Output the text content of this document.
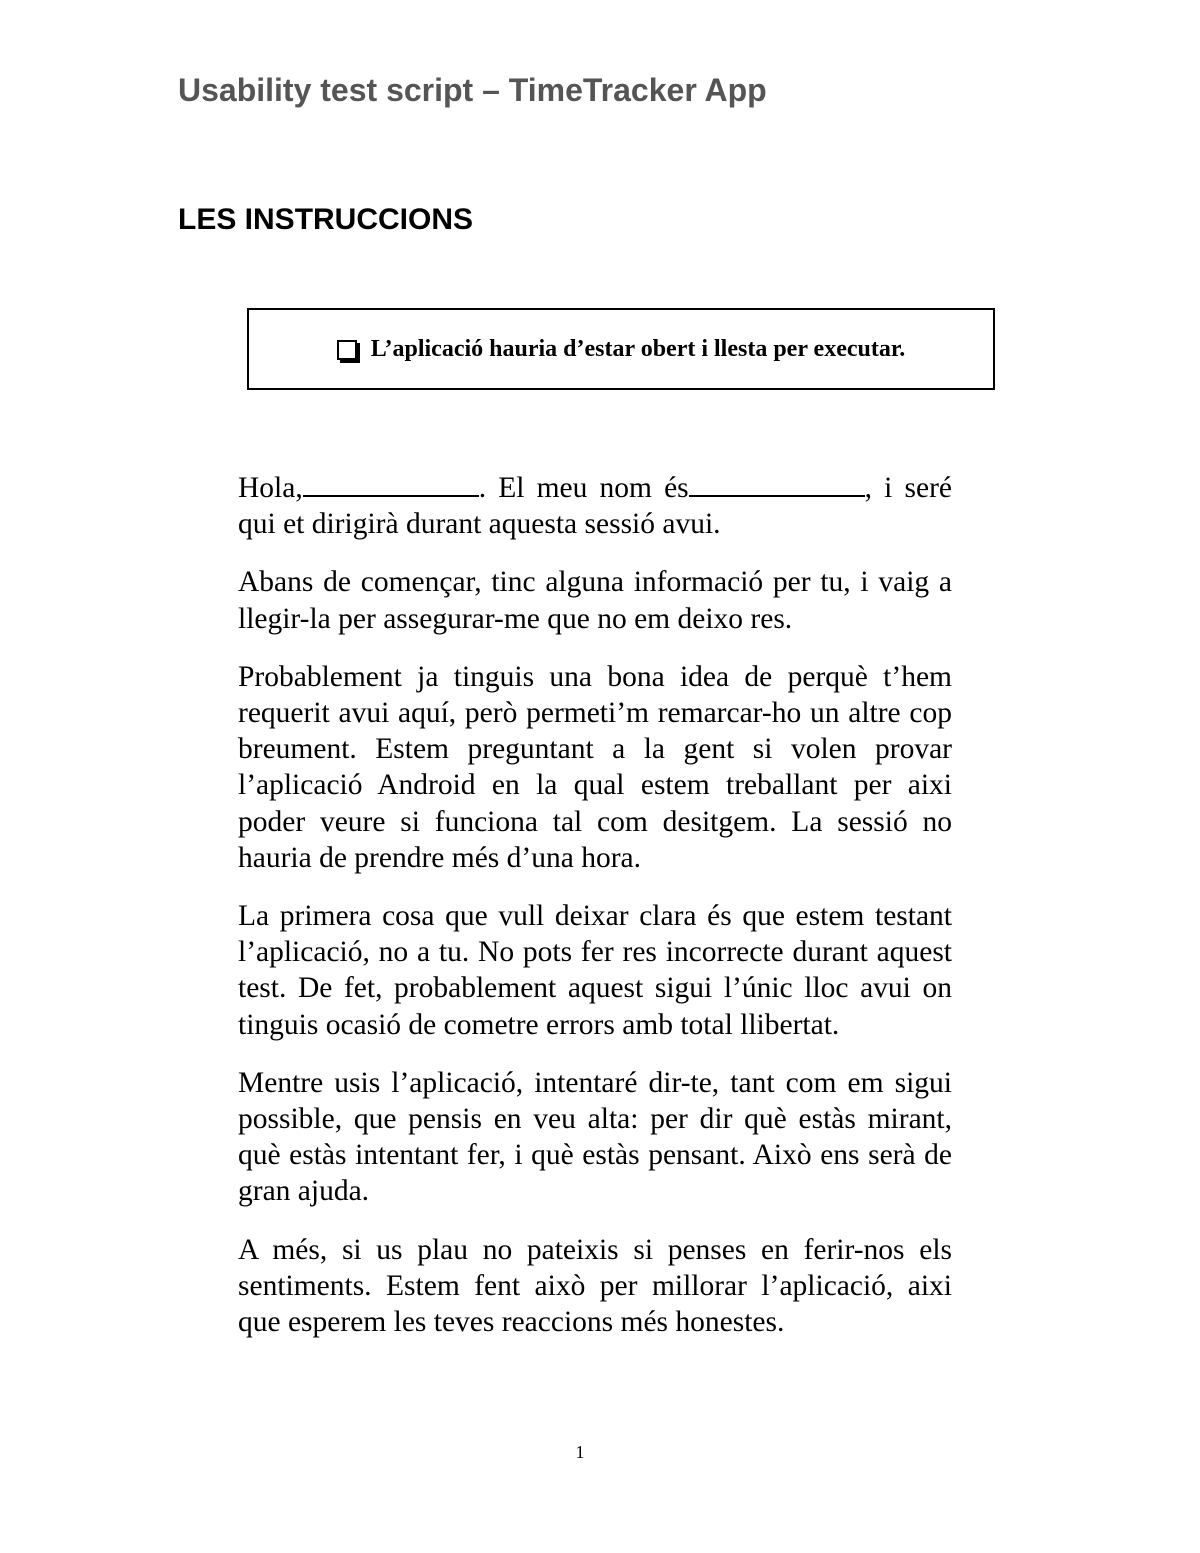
Usability test script – TimeTracker App
LES INSTRUCCIONS
L’aplicació hauria d’estar obert i llesta per executar.

Hola,	. El meu nom és	, i seré qui et dirigirà durant aquesta sessió avui.

Abans de començar, tinc alguna informació per tu, i vaig a llegir-la per assegurar-me que no em deixo res.

Probablement ja tinguis una bona idea de perquè t’hem requerit avui aquí, però permeti’m remarcar-ho un altre cop breument. Estem preguntant a la gent si volen provar l’aplicació Android en la qual estem treballant per aixi poder veure si funciona tal com desitgem. La sessió no hauria de prendre més d’una hora.

La primera cosa que vull deixar clara és que estem testant l’aplicació, no a tu. No pots fer res incorrecte durant aquest test. De fet, probablement aquest sigui l’únic lloc avui on tinguis ocasió de cometre errors amb total llibertat.

Mentre usis l’aplicació, intentaré dir-te, tant com em sigui possible, que pensis en veu alta: per dir què estàs mirant, què estàs intentant fer, i què estàs pensant. Això ens serà de gran ajuda.

A més, si us plau no pateixis si penses en ferir-nos els sentiments. Estem fent això per millorar l’aplicació, aixi que esperem les teves reaccions més honestes.

1
